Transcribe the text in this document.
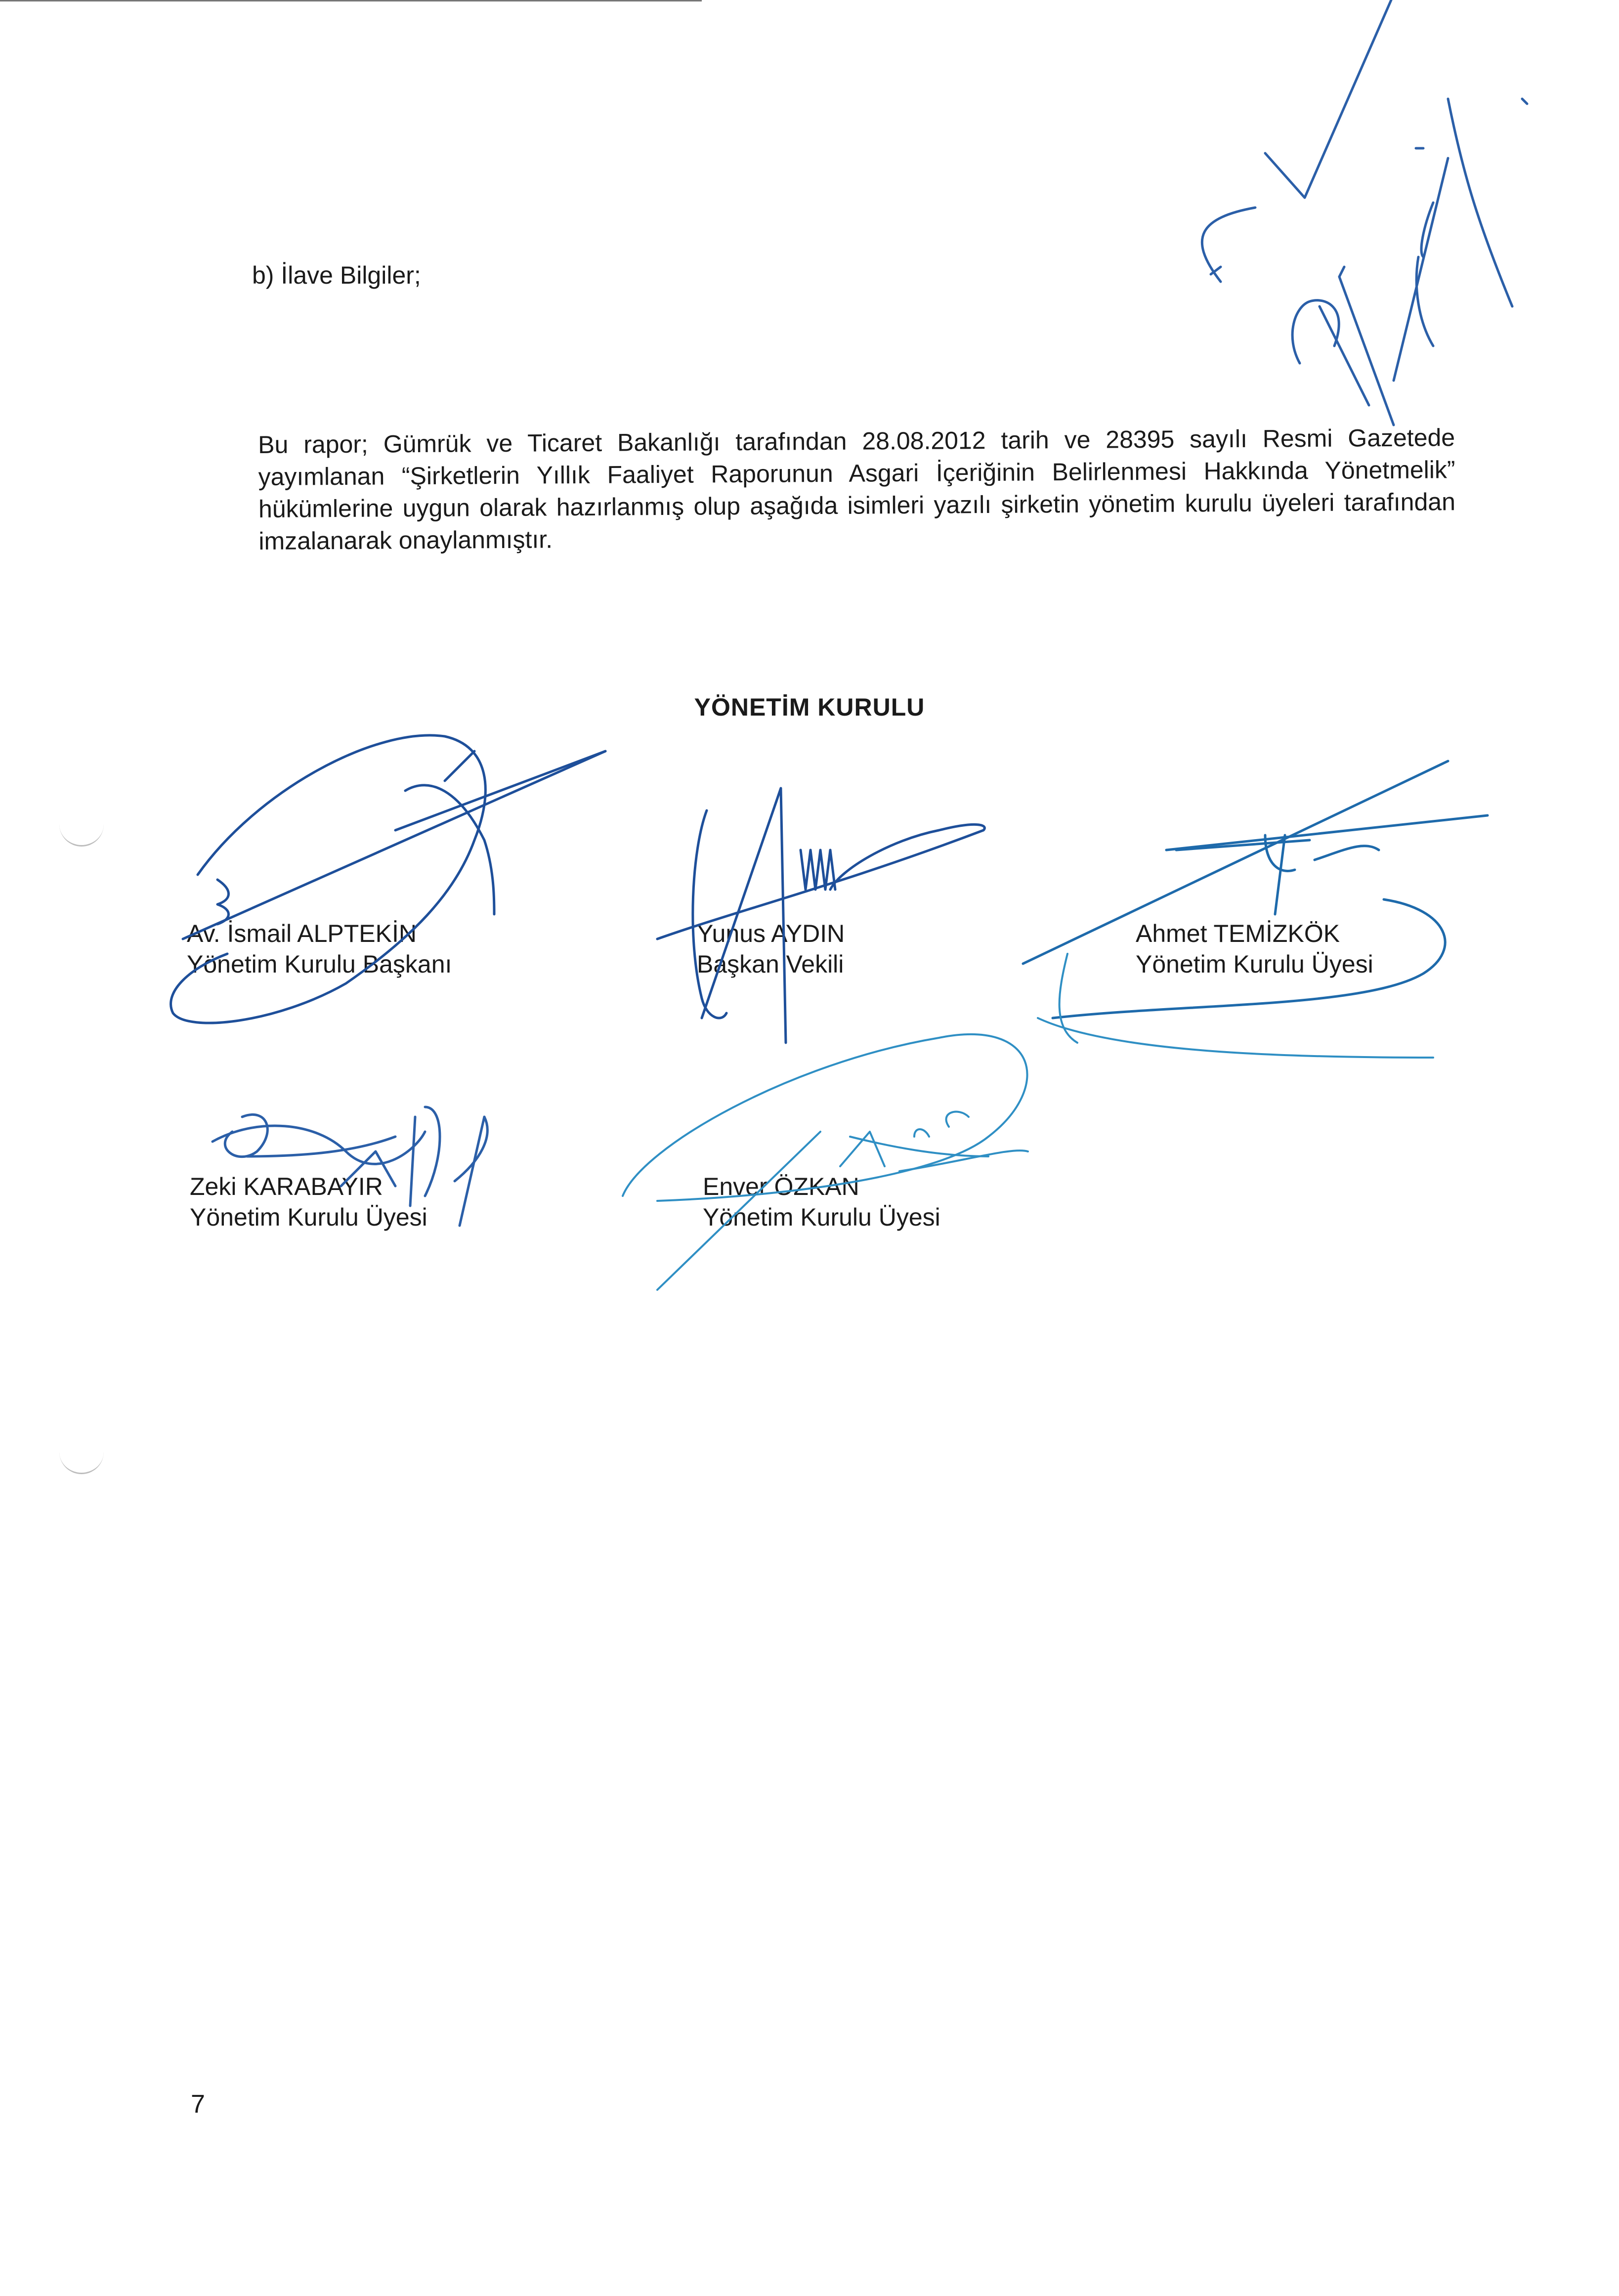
b) İlave Bilgiler;

Bu rapor; Gümrük ve Ticaret Bakanlığı tarafından 28.08.2012 tarih ve 28395 sayılı Resmi Gazetede yayımlanan “Şirketlerin Yıllık Faaliyet Raporunun Asgari İçeriğinin Belirlenmesi Hakkında Yönetmelik” hükümlerine uygun olarak hazırlanmış olup aşağıda isimleri yazılı şirketin yönetim kurulu üyeleri tarafından imzalanarak onaylanmıştır.

YÖNETİM KURULU
Av. İsmail ALPTEKİN
Yönetim Kurulu Başkanı
Yunus AYDIN
Başkan Vekili
Ahmet TEMİZKÖK
Yönetim Kurulu Üyesi
Zeki KARABAYIR
Yönetim Kurulu Üyesi
Enver ÖZKAN
Yönetim Kurulu Üyesi
7
